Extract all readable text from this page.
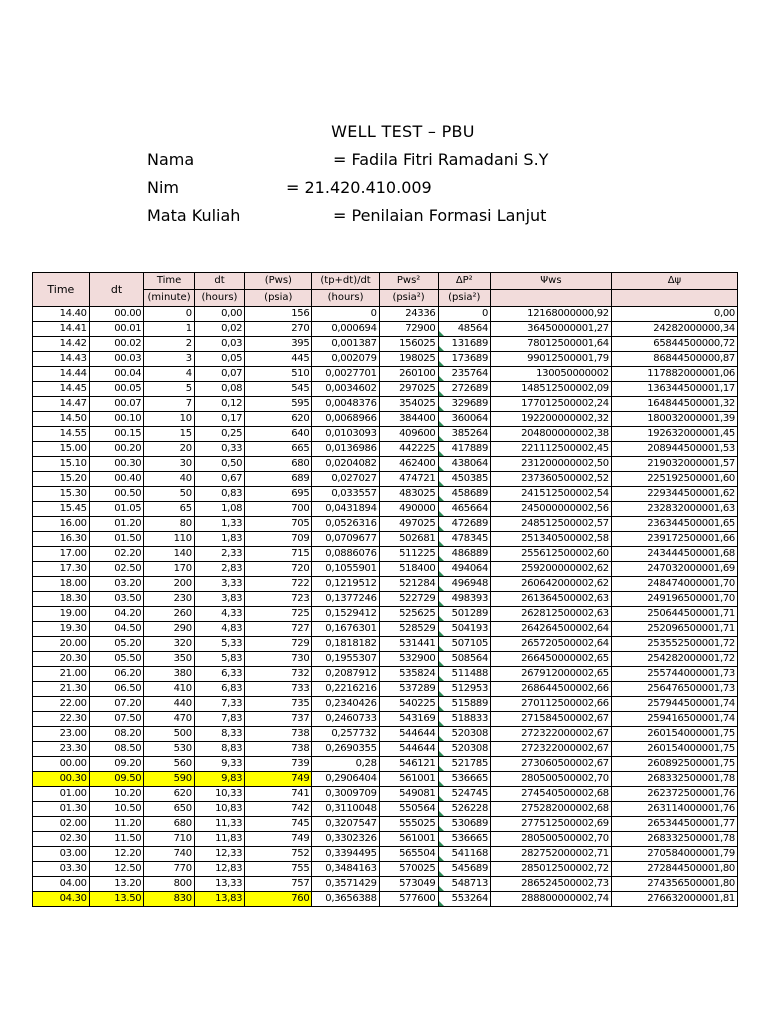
WELL TEST – PBU
Nama	= Fadila Fitri Ramadani S.Y
Nim	= 21.420.410.009
Mata Kuliah	= Penilaian Formasi Lanjut
Time	dt	Time	dt	(Pws)	(tp+dt)/dt	Pws²	ΔP²	Ψws	Δψ
		(minute)	(hours)	(psia)	(hours)	(psia²)	(psia²)		
14.40	00.00	0	0,00	156	0	24336	0	12168000000,92	0,00
14.41	00.01	1	0,02	270	0,000694	72900	48564	36450000001,27	24282000000,34
14.42	00.02	2	0,03	395	0,001387	156025	131689	78012500001,64	65844500000,72
14.43	00.03	3	0,05	445	0,002079	198025	173689	99012500001,79	86844500000,87
14.44	00.04	4	0,07	510	0,0027701	260100	235764	130050000002	117882000001,06
14.45	00.05	5	0,08	545	0,0034602	297025	272689	148512500002,09	136344500001,17
14.47	00.07	7	0,12	595	0,0048376	354025	329689	177012500002,24	164844500001,32
14.50	00.10	10	0,17	620	0,0068966	384400	360064	192200000002,32	180032000001,39
14.55	00.15	15	0,25	640	0,0103093	409600	385264	204800000002,38	192632000001,45
15.00	00.20	20	0,33	665	0,0136986	442225	417889	221112500002,45	208944500001,53
15.10	00.30	30	0,50	680	0,0204082	462400	438064	231200000002,50	219032000001,57
15.20	00.40	40	0,67	689	0,027027	474721	450385	237360500002,52	225192500001,60
15.30	00.50	50	0,83	695	0,033557	483025	458689	241512500002,54	229344500001,62
15.45	01.05	65	1,08	700	0,0431894	490000	465664	245000000002,56	232832000001,63
16.00	01.20	80	1,33	705	0,0526316	497025	472689	248512500002,57	236344500001,65
16.30	01.50	110	1,83	709	0,0709677	502681	478345	251340500002,58	239172500001,66
17.00	02.20	140	2,33	715	0,0886076	511225	486889	255612500002,60	243444500001,68
17.30	02.50	170	2,83	720	0,1055901	518400	494064	259200000002,62	247032000001,69
18.00	03.20	200	3,33	722	0,1219512	521284	496948	260642000002,62	248474000001,70
18.30	03.50	230	3,83	723	0,1377246	522729	498393	261364500002,63	249196500001,70
19.00	04.20	260	4,33	725	0,1529412	525625	501289	262812500002,63	250644500001,71
19.30	04.50	290	4,83	727	0,1676301	528529	504193	264264500002,64	252096500001,71
20.00	05.20	320	5,33	729	0,1818182	531441	507105	265720500002,64	253552500001,72
20.30	05.50	350	5,83	730	0,1955307	532900	508564	266450000002,65	254282000001,72
21.00	06.20	380	6,33	732	0,2087912	535824	511488	267912000002,65	255744000001,73
21.30	06.50	410	6,83	733	0,2216216	537289	512953	268644500002,66	256476500001,73
22.00	07.20	440	7,33	735	0,2340426	540225	515889	270112500002,66	257944500001,74
22.30	07.50	470	7,83	737	0,2460733	543169	518833	271584500002,67	259416500001,74
23.00	08.20	500	8,33	738	0,257732	544644	520308	272322000002,67	260154000001,75
23.30	08.50	530	8,83	738	0,2690355	544644	520308	272322000002,67	260154000001,75
00.00	09.20	560	9,33	739	0,28	546121	521785	273060500002,67	260892500001,75
00.30	09.50	590	9,83	749	0,2906404	561001	536665	280500500002,70	268332500001,78
01.00	10.20	620	10,33	741	0,3009709	549081	524745	274540500002,68	262372500001,76
01.30	10.50	650	10,83	742	0,3110048	550564	526228	275282000002,68	263114000001,76
02.00	11.20	680	11,33	745	0,3207547	555025	530689	277512500002,69	265344500001,77
02.30	11.50	710	11,83	749	0,3302326	561001	536665	280500500002,70	268332500001,78
03.00	12.20	740	12,33	752	0,3394495	565504	541168	282752000002,71	270584000001,79
03.30	12.50	770	12,83	755	0,3484163	570025	545689	285012500002,72	272844500001,80
04.00	13.20	800	13,33	757	0,3571429	573049	548713	286524500002,73	274356500001,80
04.30	13.50	830	13,83	760	0,3656388	577600	553264	288800000002,74	276632000001,81
